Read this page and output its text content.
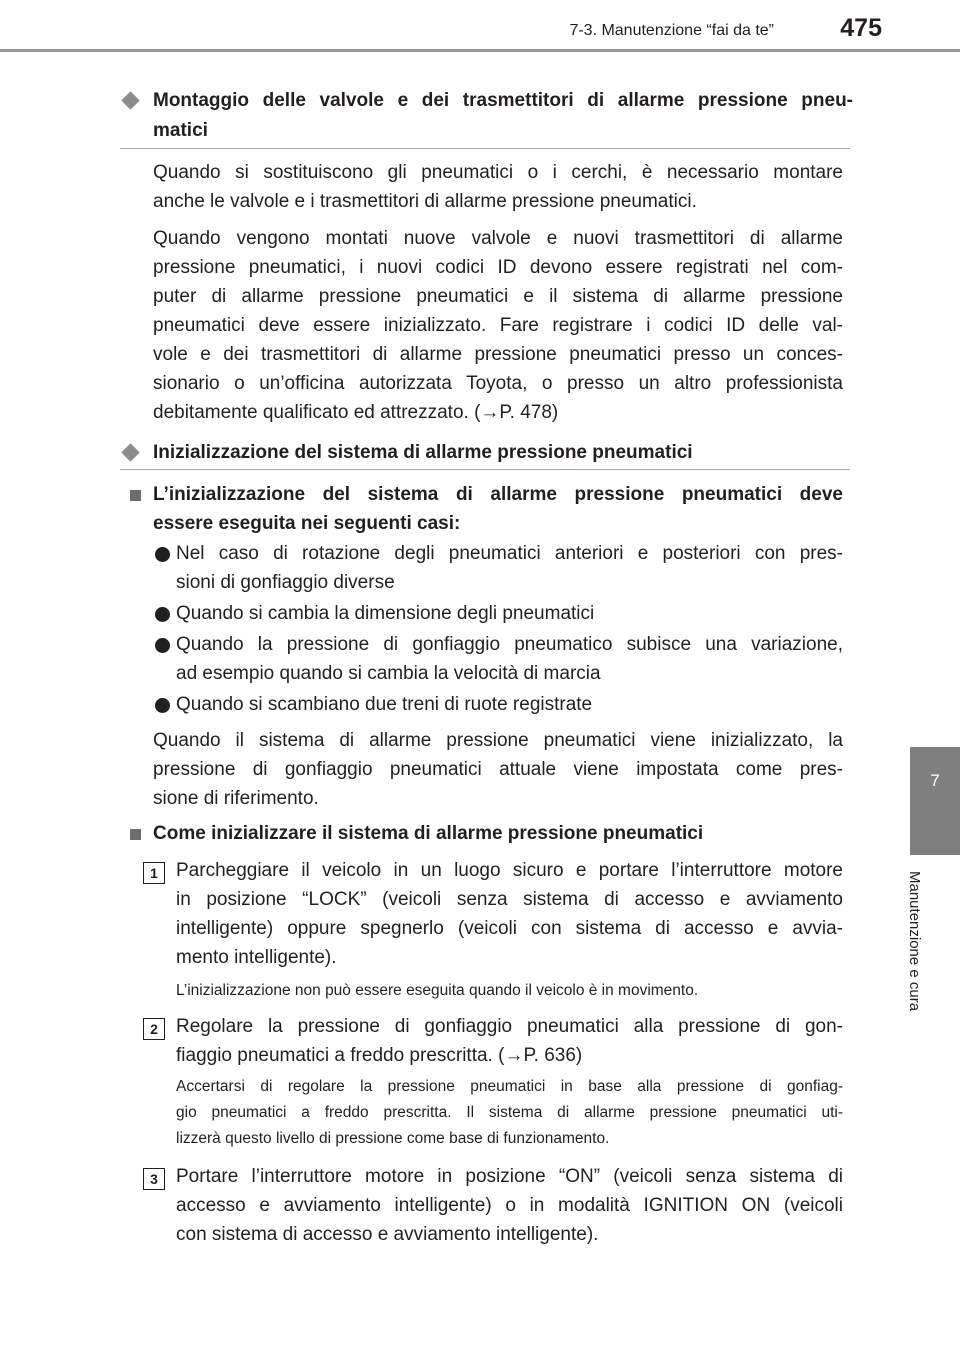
7-3. Manutenzione “fai da te”	475
7
Manutenzione e cura
Montaggio delle valvole e dei trasmettitori di allarme pressione pneu-
matici
Quando si sostituiscono gli pneumatici o i cerchi, è necessario montare
anche le valvole e i trasmettitori di allarme pressione pneumatici.
Quando vengono montati nuove valvole e nuovi trasmettitori di allarme
pressione pneumatici, i nuovi codici ID devono essere registrati nel com-
puter di allarme pressione pneumatici e il sistema di allarme pressione
pneumatici deve essere inizializzato. Fare registrare i codici ID delle val-
vole e dei trasmettitori di allarme pressione pneumatici presso un conces-
sionario o un’officina autorizzata Toyota, o presso un altro professionista
debitamente qualificato ed attrezzato. (→P. 478)
Inizializzazione del sistema di allarme pressione pneumatici
L’inizializzazione del sistema di allarme pressione pneumatici deve
essere eseguita nei seguenti casi:
Nel caso di rotazione degli pneumatici anteriori e posteriori con pres-
sioni di gonfiaggio diverse
Quando si cambia la dimensione degli pneumatici
Quando la pressione di gonfiaggio pneumatico subisce una variazione,
ad esempio quando si cambia la velocità di marcia
Quando si scambiano due treni di ruote registrate
Quando il sistema di allarme pressione pneumatici viene inizializzato, la
pressione di gonfiaggio pneumatici attuale viene impostata come pres-
sione di riferimento.
Come inizializzare il sistema di allarme pressione pneumatici
1 Parcheggiare il veicolo in un luogo sicuro e portare l’interruttore motore
in posizione “LOCK” (veicoli senza sistema di accesso e avviamento
intelligente) oppure spegnerlo (veicoli con sistema di accesso e avvia-
mento intelligente).
L’inizializzazione non può essere eseguita quando il veicolo è in movimento.
2 Regolare la pressione di gonfiaggio pneumatici alla pressione di gon-
fiaggio pneumatici a freddo prescritta. (→P. 636)
Accertarsi di regolare la pressione pneumatici in base alla pressione di gonfiag-
gio pneumatici a freddo prescritta. Il sistema di allarme pressione pneumatici uti-
lizzerà questo livello di pressione come base di funzionamento.
3 Portare l’interruttore motore in posizione “ON” (veicoli senza sistema di
accesso e avviamento intelligente) o in modalità IGNITION ON (veicoli
con sistema di accesso e avviamento intelligente).
